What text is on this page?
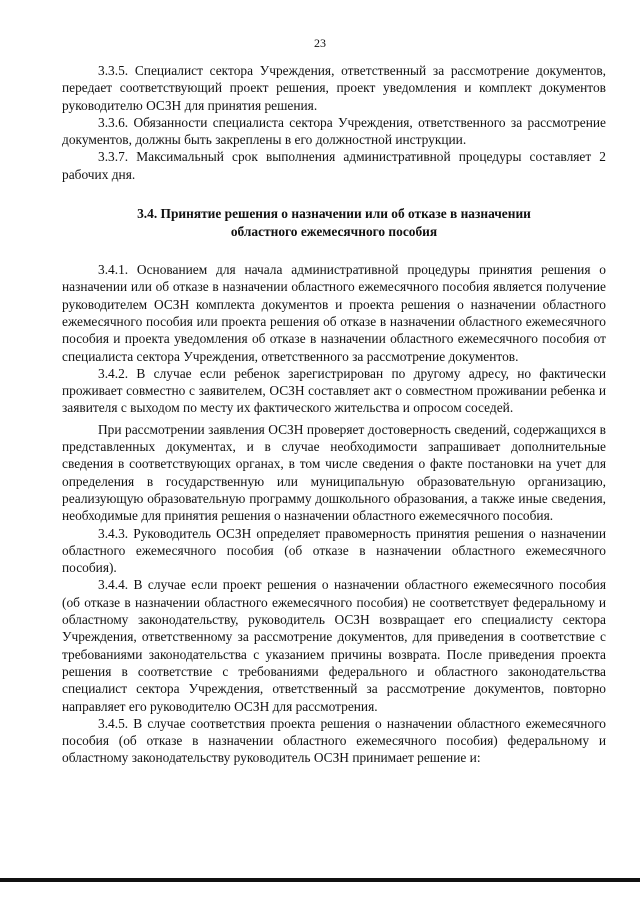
23

3.3.5. Специалист сектора Учреждения, ответственный за рассмотрение документов, передает соответствующий проект решения, проект уведомления и комплект документов руководителю ОСЗН для принятия решения.

3.3.6. Обязанности специалиста сектора Учреждения, ответственного за рассмотрение документов, должны быть закреплены в его должностной инструкции.

3.3.7. Максимальный срок выполнения административной процедуры составляет 2 рабочих дня.

3.4. Принятие решения о назначении или об отказе в назначении
областного ежемесячного пособия

3.4.1. Основанием для начала административной процедуры принятия решения о назначении или об отказе в назначении областного ежемесячного пособия является получение руководителем ОСЗН комплекта документов и проекта решения о назначении областного ежемесячного пособия или проекта решения об отказе в назначении областного ежемесячного пособия и проекта уведомления об отказе в назначении областного ежемесячного пособия от специалиста сектора Учреждения, ответственного за рассмотрение документов.

3.4.2. В случае если ребенок зарегистрирован по другому адресу, но фактически проживает совместно с заявителем, ОСЗН составляет акт о совместном проживании ребенка и заявителя с выходом по месту их фактического жительства и опросом соседей.

При рассмотрении заявления ОСЗН проверяет достоверность сведений, содержащихся в представленных документах, и в случае необходимости запрашивает дополнительные сведения в соответствующих органах, в том числе сведения о факте постановки на учет для определения в государственную или муниципальную образовательную организацию, реализующую образовательную программу дошкольного образования, а также иные сведения, необходимые для принятия решения о назначении областного ежемесячного пособия.

3.4.3. Руководитель ОСЗН определяет правомерность принятия решения о назначении областного ежемесячного пособия (об отказе в назначении областного ежемесячного пособия).

3.4.4. В случае если проект решения о назначении областного ежемесячного пособия (об отказе в назначении областного ежемесячного пособия) не соответствует федеральному и областному законодательству, руководитель ОСЗН возвращает его специалисту сектора Учреждения, ответственному за рассмотрение документов, для приведения в соответствие с требованиями законодательства с указанием причины возврата. После приведения проекта решения в соответствие с требованиями федерального и областного законодательства специалист сектора Учреждения, ответственный за рассмотрение документов, повторно направляет его руководителю ОСЗН для рассмотрения.

3.4.5. В случае соответствия проекта решения о назначении областного ежемесячного пособия (об отказе в назначении областного ежемесячного пособия) федеральному и областному законодательству руководитель ОСЗН принимает решение и:
